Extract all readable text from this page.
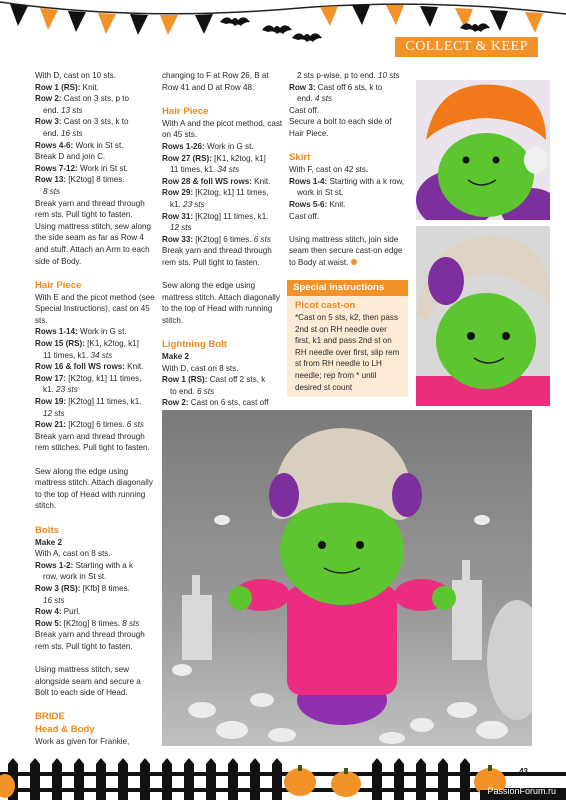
COLLECT & KEEP

With D, cast on 10 sts.

Row 1 (RS): Knit.

Row 2: Cast on 3 sts, p to

end. 13 sts

Row 3: Cast on 3 sts, k to

end. 16 sts

Rows 4-6: Work in St st.

Break D and join C.

Rows 7-12: Work in St st.

Row 13: [K2tog] 8 times.

8 sts

Break yarn and thread through rem sts. Pull tight to fasten. Using mattress stitch, sew along the side seam as far as Row 4 and stuff. Attach an Arm to each side of Body.

Hair Piece

With E and the picot method (see Special Instructions), cast on 45 sts.

Rows 1-14: Work in G st.

Row 15 (RS): [K1, k2tog, k1]

11 times, k1. 34 sts

Row 16 & foll WS rows: Knit.

Row 17: [K2tog, k1] 11 times,

k1. 23 sts

Row 19: [K2tog] 11 times, k1.

12 sts

Row 21: [K2tog] 6 times. 6 sts

Break yarn and thread through rem stitches. Pull tight to fasten.

Sew along the edge using mattress stitch. Attach diagonally to the top of Head with running stitch.

Bolts

Make 2

With A, cast on 8 sts.

Rows 1-2: Starting with a k

row, work in St st.

Row 3 (RS): [Kfb] 8 times.

16 sts

Row 4: Purl.

Row 5: [K2tog] 8 times. 8 sts

Break yarn and thread through rem sts. Pull tight to fasten.

Using mattress stitch, sew alongside seam and secure a Bolt to each side of Head.

BRIDE

Head & Body

Work as given for Frankie,

changing to F at Row 26, B at Row 41 and D at Row 48.

Hair Piece

With A and the picot method, cast on 45 sts.

Rows 1-26: Work in G st.

Row 27 (RS): [K1, k2tog, k1]

11 times, k1. 34 sts

Row 28 & foll WS rows: Knit.

Row 29: [K2tog, k1] 11 times,

k1. 23 sts

Row 31: [K2tog] 11 times, k1.

12 sts

Row 33: [K2tog] 6 times. 6 sts

Break yarn and thread through rem sts. Pull tight to fasten.

Sew along the edge using mattress stitch. Attach diagonally to the top of Head with running stitch.

Lightning Bolt

Make 2

With D, cast on 8 sts.

Row 1 (RS): Cast off 2 sts, k

to end. 6 sts

Row 2: Cast on 6 sts, cast off

2 sts p-wise, p to end. 10 sts

Row 3: Cast off 6 sts, k to

end. 4 sts

Cast off.

Secure a bolt to each side of Hair Piece.

Skirt

With F, cast on 42 sts.

Rows 1-4: Starting with a k row,

work in St st.

Rows 5-6: Knit.

Cast off.

Using mattress stitch, join side seam then secure cast-on edge to Body at waist.

Special instructions
Picot cast-on
*Cast on 5 sts, k2, then pass 2nd st on RH needle over first, k1 and pass 2nd st on RH needle over first, slip rem st from RH needle to LH needle; rep from * until desired st count
43
PassionForum.ru
